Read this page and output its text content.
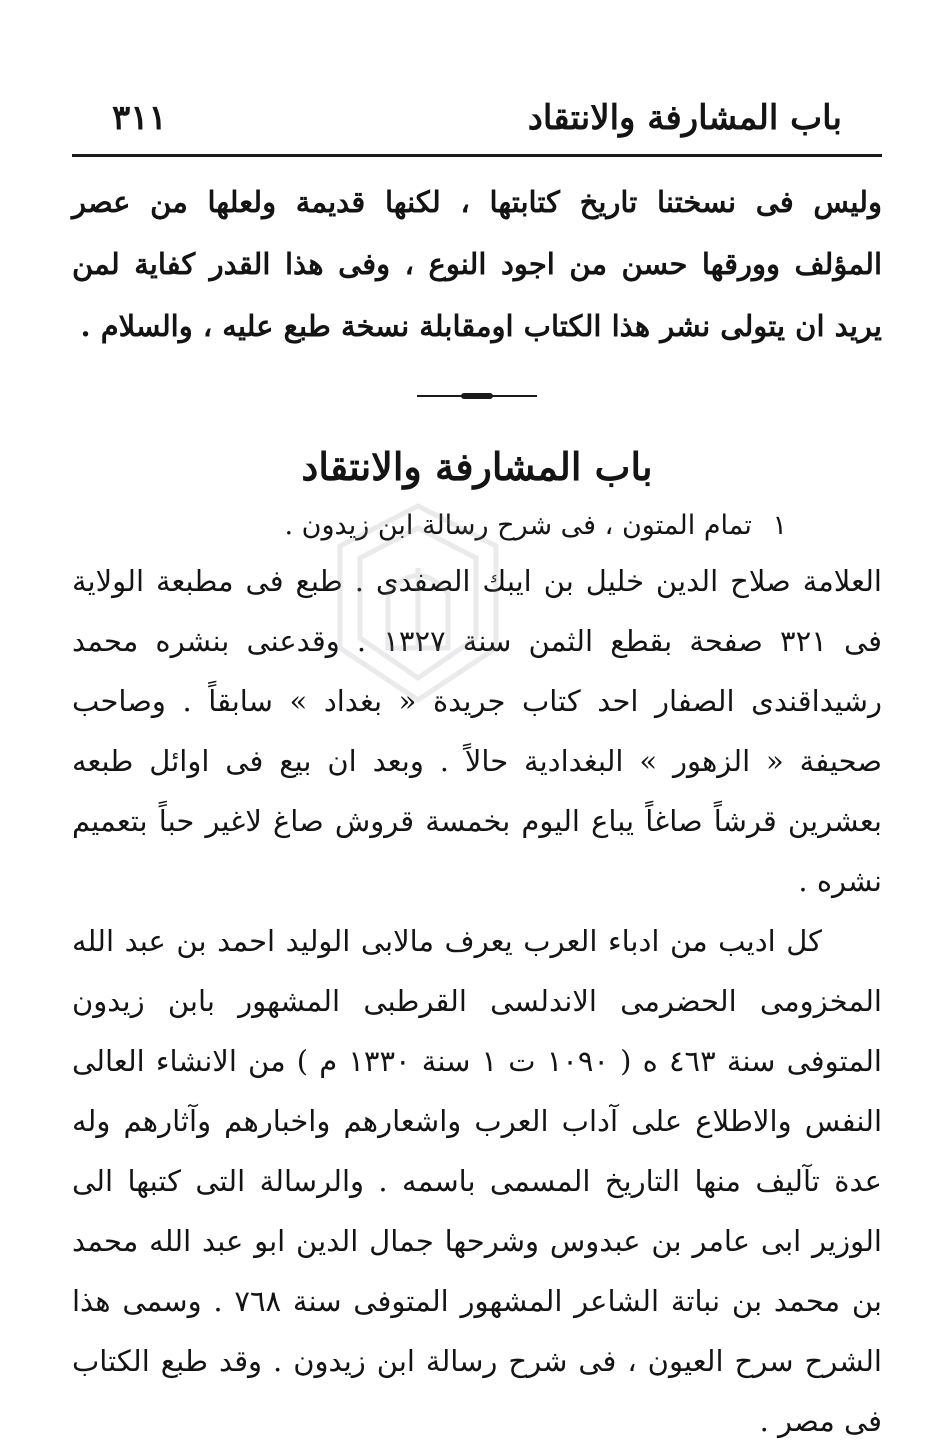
باب المشارفة والانتقاد
٣١١

وليس فى نسختنا تاريخ كتابتها ، لكنها قديمة ولعلها من عصر المؤلف وورقها حسن من اجود النوع ، وفى هذا القدر كفاية لمن يريد ان يتولى نشر هذا الكتاب اومقابلة نسخة طبع عليه ، والسلام .

باب المشارفة والانتقاد
١ تمام المتون ، فى شرح رسالة ابن زيدون .

العلامة صلاح الدين خليل بن ايبك الصفدى . طبع فى مطبعة الولاية فى ٣٢١ صفحة بقطع الثمن سنة ١٣٢٧ . وقدعنى بنشره محمد رشيداقندى الصفار احد كتاب جريدة « بغداد » سابقاً . وصاحب صحيفة « الزهور » البغدادية حالاً . وبعد ان بيع فى اوائل طبعه بعشرين قرشاً صاغاً يباع اليوم بخمسة قروش صاغ لاغير حباً بتعميم نشره .

كل اديب من ادباء العرب يعرف مالابى الوليد احمد بن عبد الله المخزومى الحضرمى الاندلسى القرطبى المشهور بابن زيدون المتوفى سنة ٤٦٣ ه ( ١٠٩٠ ت ١ سنة ١٣٣٠ م ) من الانشاء العالى النفس والاطلاع على آداب العرب واشعارهم واخبارهم وآثارهم وله عدة تآليف منها التاريخ المسمى باسمه . والرسالة التى كتبها الى الوزير ابى عامر بن عبدوس وشرحها جمال الدين ابو عبد الله محمد بن محمد بن نباتة الشاعر المشهور المتوفى سنة ٧٦٨ . وسمى هذا الشرح سرح العيون ، فى شرح رسالة ابن زيدون . وقد طبع الكتاب فى مصر .
